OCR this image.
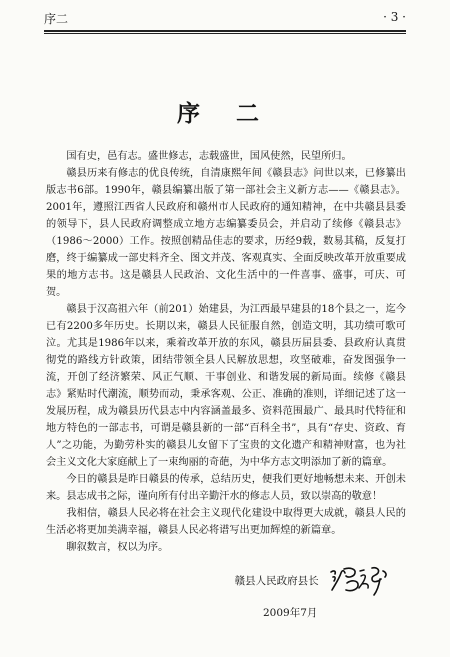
序二	· 3 ·
序 二

国有史，邑有志。盛世修志，志载盛世，国风使然，民望所归。

赣县历来有修志的优良传统，自清康熙年间《赣县志》问世以来，已修纂出版志书6部。1990年，赣县编纂出版了第一部社会主义新方志——《赣县志》。2001年，遵照江西省人民政府和赣州市人民政府的通知精神，在中共赣县县委的领导下，县人民政府调整成立地方志编纂委员会，并启动了续修《赣县志》（1986～2000）工作。按照创精品佳志的要求，历经9载，数易其稿，反复打磨，终于编纂成一部史料齐全、图文并茂、客观真实、全面反映改革开放重要成果的地方志书。这是赣县人民政治、文化生活中的一件喜事、盛事，可庆、可贺。

赣县于汉高祖六年（前201）始建县，为江西最早建县的18个县之一，迄今已有2200多年历史。长期以来，赣县人民征服自然，创造文明，其功绩可歌可泣。尤其是1986年以来，乘着改革开放的东风，赣县历届县委、县政府认真贯彻党的路线方针政策，团结带领全县人民解放思想，攻坚破难，奋发图强争一流，开创了经济繁荣、风正气顺、干事创业、和谐发展的新局面。续修《赣县志》紧贴时代潮流，顺势而动，秉承客观、公正、准确的准则，详细记述了这一发展历程，成为赣县历代县志中内容涵盖最多、资料范围最广、最具时代特征和地方特色的一部志书，可谓是赣县新的一部“百科全书”，具有“存史、资政、育人”之功能，为勤劳朴实的赣县儿女留下了宝贵的文化遗产和精神财富，也为社会主义文化大家庭献上了一束绚丽的奇葩，为中华方志文明添加了新的篇章。

今日的赣县是昨日赣县的传承，总结历史，便我们更好地畅想未来、开创未来。县志成书之际，谨向所有付出辛勤汗水的修志人员，致以崇高的敬意！

我相信，赣县人民必将在社会主义现代化建设中取得更大成就，赣县人民的生活必将更加美满幸福，赣县人民必将谱写出更加辉煌的新篇章。

聊叙数言，权以为序。

赣县人民政府县长
2009年7月
